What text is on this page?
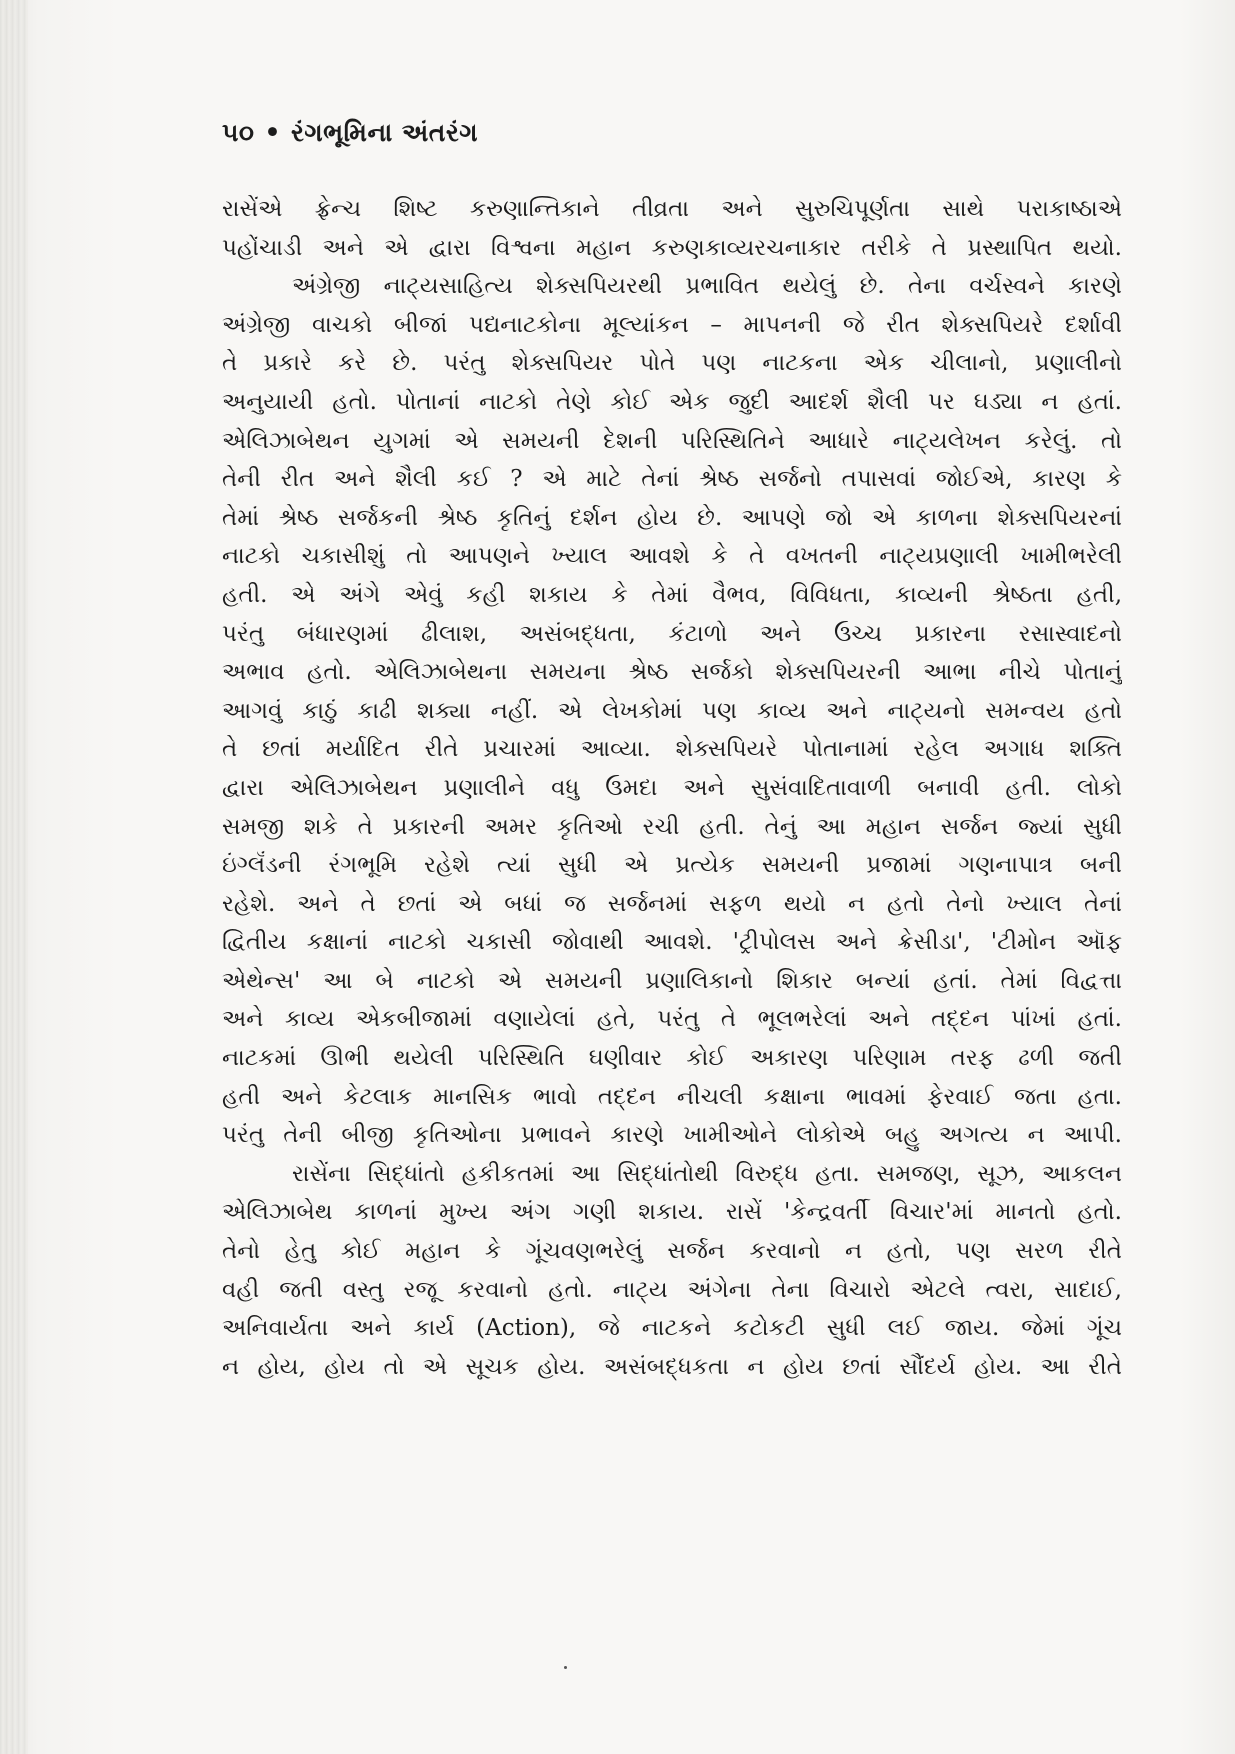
૫૦ • રંગભૂમિના અંતરંગ
રાસેંએ ફ્રેન્ચ શિષ્ટ કરુણાન્તિકાને તીવ્રતા અને સુરુચિપૂર્ણતા સાથે પરાકાષ્ઠાએ
પહોંચાડી અને એ દ્વારા વિશ્વના મહાન કરુણકાવ્યરચનાકાર તરીકે તે પ્રસ્થાપિત થયો.
અંગ્રેજી નાટ્યસાહિત્ય શેક્સપિયરથી પ્રભાવિત થયેલું છે. તેના વર્ચસ્વને કારણે
અંગ્રેજી વાચકો બીજાં પદ્યનાટકોના મૂલ્યાંકન – માપનની જે રીત શેક્સપિયરે દર્શાવી
તે પ્રકારે કરે છે. પરંતુ શેક્સપિયર પોતે પણ નાટકના એક ચીલાનો, પ્રણાલીનો
અનુયાયી હતો. પોતાનાં નાટકો તેણે કોઈ એક જુદી આદર્શ શૈલી પર ઘડ્યા ન હતાં.
એલિઝાબેથન યુગમાં એ સમયની દેશની પરિસ્થિતિને આધારે નાટ્યલેખન કરેલું. તો
તેની રીત અને શૈલી કઈ ? એ માટે તેનાં શ્રેષ્ઠ સર્જનો તપાસવાં જોઈએ, કારણ કે
તેમાં શ્રેષ્ઠ સર્જકની શ્રેષ્ઠ કૃતિનું દર્શન હોય છે. આપણે જો એ કાળના શેક્સપિયરનાં
નાટકો ચકાસીશું તો આપણને ખ્યાલ આવશે કે તે વખતની નાટ્યપ્રણાલી ખામીભરેલી
હતી. એ અંગે એવું કહી શકાય કે તેમાં વૈભવ, વિવિધતા, કાવ્યની શ્રેષ્ઠતા હતી,
પરંતુ બંધારણમાં ઢીલાશ, અસંબદ્ધતા, કંટાળો અને ઉચ્ચ પ્રકારના રસાસ્વાદનો
અભાવ હતો. એલિઝાબેથના સમયના શ્રેષ્ઠ સર્જકો શેક્સપિયરની આભા નીચે પોતાનું
આગવું કાઠું કાઢી શક્યા નહીં. એ લેખકોમાં પણ કાવ્ય અને નાટ્યનો સમન્વય હતો
તે છતાં મર્યાદિત રીતે પ્રચારમાં આવ્યા. શેક્સપિયરે પોતાનામાં રહેલ અગાધ શક્તિ
દ્વારા એલિઝાબેથન પ્રણાલીને વધુ ઉમદા અને સુસંવાદિતાવાળી બનાવી હતી. લોકો
સમજી શકે તે પ્રકારની અમર કૃતિઓ રચી હતી. તેનું આ મહાન સર્જન જ્યાં સુધી
ઇંગ્લૅંડની રંગભૂમિ રહેશે ત્યાં સુધી એ પ્રત્યેક સમયની પ્રજામાં ગણનાપાત્ર બની
રહેશે. અને તે છતાં એ બધાં જ સર્જનમાં સફળ થયો ન હતો તેનો ખ્યાલ તેનાં
દ્વિતીય કક્ષાનાં નાટકો ચકાસી જોવાથી આવશે. 'ટ્રીપોલસ અને ક્રેસીડા', 'ટીમોન ઑફ
એથેન્સ' આ બે નાટકો એ સમયની પ્રણાલિકાનો શિકાર બન્યાં હતાં. તેમાં વિદ્વત્તા
અને કાવ્ય એકબીજામાં વણાયેલાં હતે, પરંતુ તે ભૂલભરેલાં અને તદ્દન પાંખાં હતાં.
નાટકમાં ઊભી થયેલી પરિસ્થિતિ ઘણીવાર કોઈ અકારણ પરિણામ તરફ ઢળી જતી
હતી અને કેટલાક માનસિક ભાવો તદ્દન નીચલી કક્ષાના ભાવમાં ફેરવાઈ જતા હતા.
પરંતુ તેની બીજી કૃતિઓના પ્રભાવને કારણે ખામીઓને લોકોએ બહુ અગત્ય ન આપી.
રાસેંના સિદ્ધાંતો હકીકતમાં આ સિદ્ધાંતોથી વિરુદ્ધ હતા. સમજણ, સૂઝ, આકલન
એલિઝાબેથ કાળનાં મુખ્ય અંગ ગણી શકાય. રાસેં 'કેન્દ્રવર્તી વિચાર'માં માનતો હતો.
તેનો હેતુ કોઈ મહાન કે ગૂંચવણભરેલું સર્જન કરવાનો ન હતો, પણ સરળ રીતે
વહી જતી વસ્તુ રજૂ કરવાનો હતો. નાટ્ય અંગેના તેના વિચારો એટલે ત્વરા, સાદાઈ,
અનિવાર્યતા અને કાર્ય (Action), જે નાટકને કટોકટી સુધી લઈ જાય. જેમાં ગૂંચ
ન હોય, હોય તો એ સૂચક હોય. અસંબદ્ધકતા ન હોય છતાં સૌંદર્ય હોય. આ રીતે
